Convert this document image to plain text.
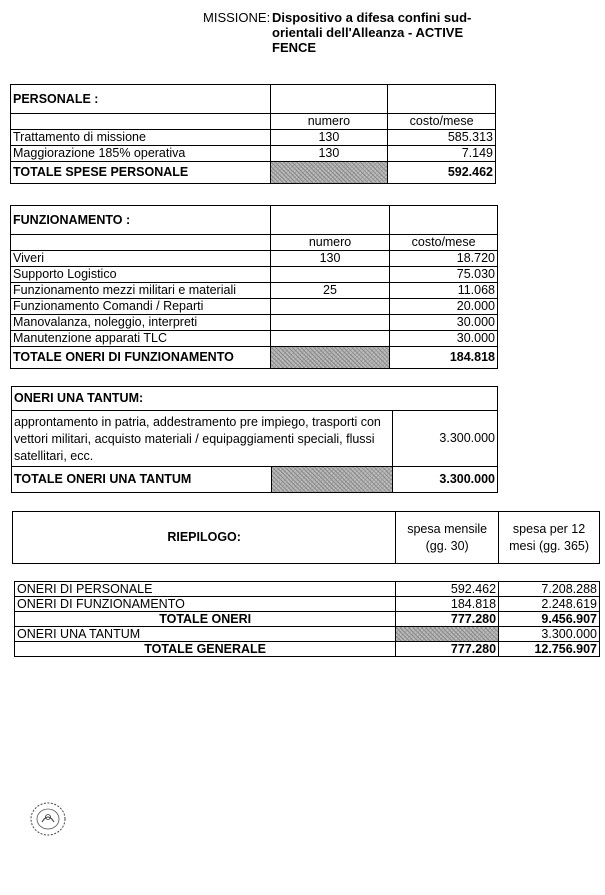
MISSIONE: Dispositivo a difesa confini sud-orientali dell'Alleanza - ACTIVE FENCE
PERSONALE :		
	numero	costo/mese
Trattamento di missione	130	585.313
Maggiorazione 185% operativa	130	7.149
TOTALE SPESE PERSONALE		592.462
FUNZIONAMENTO :		
	numero	costo/mese
Viveri	130	18.720
Supporto Logistico		75.030
Funzionamento mezzi militari e materiali	25	11.068
Funzionamento Comandi / Reparti		20.000
Manovalanza, noleggio, interpreti		30.000
Manutenzione apparati TLC		30.000
TOTALE ONERI DI FUNZIONAMENTO		184.818
ONERI UNA TANTUM:		
approntamento in patria, addestramento pre impiego, trasporti con vettori militari, acquisto materiali / equipaggiamenti speciali, flussi satellitari, ecc.		3.300.000
TOTALE ONERI UNA TANTUM		3.300.000
RIEPILOGO:	spesa mensile (gg. 30)	spesa per 12 mesi (gg. 365)
ONERI DI PERSONALE	592.462	7.208.288
ONERI DI FUNZIONAMENTO	184.818	2.248.619
TOTALE ONERI	777.280	9.456.907
ONERI UNA TANTUM		3.300.000
TOTALE GENERALE	777.280	12.756.907
